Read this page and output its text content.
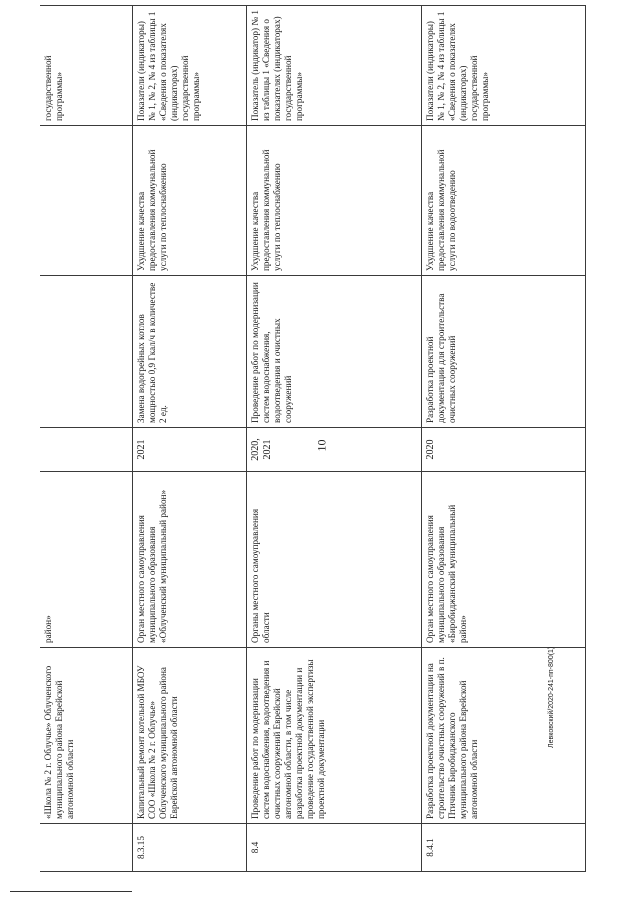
	«Школа № 2 г. Облучье» Облученского муниципального района Еврейской автономной области	район»				государственной программы»
8.3.15	Капитальный ремонт котельной МБОУ СОО «Школа № 2 г. Облучье» Облученского муниципального района Еврейской автономной области	Орган местного самоуправления муниципального образования «Облученский муниципальный район»	2021	Замена водогрейных котлов мощностью 0,9 Гкал/ч в количестве 2 ед.	Ухудшение качества предоставления коммунальной услуги по теплоснабжению	Показатели (индикаторы) № 1, № 2, № 4 из таблицы 1 «Сведения о показателях (индикаторах) государственной программы»
8.4	Проведение работ по модернизации систем водоснабжения, водоотведения и очистных сооружений Еврейской автономной области, в том числе разработка проектной документации и проведение государственной экспертизы проектной документации	Органы местного самоуправления области	2020, 2021	Проведение работ по модернизации систем водоснабжения, водоотведения и очистных сооружений	Ухудшение качества предоставления коммунальной услуги по теплоснабжению	Показатель (индикатор) № 1 из таблицы 1 «Сведения о показателях (индикаторах) государственной программы»
8.4.1	Разработка проектной документации на строительство очистных сооружений в п. Птичник Биробиджанского муниципального района Еврейской автономной области	Орган местного самоуправления муниципального образования «Биробиджанский муниципальный район»	2020	Разработка проектной документации для строительства очистных сооружений	Ухудшение качества предоставления коммунальной услуги по водоотведению	Показатели (индикаторы) № 1, № 2, № 4 из таблицы 1 «Сведения о показателях (индикаторах) государственной программы»
10
Левковский/2020-241-пп-800(1)
